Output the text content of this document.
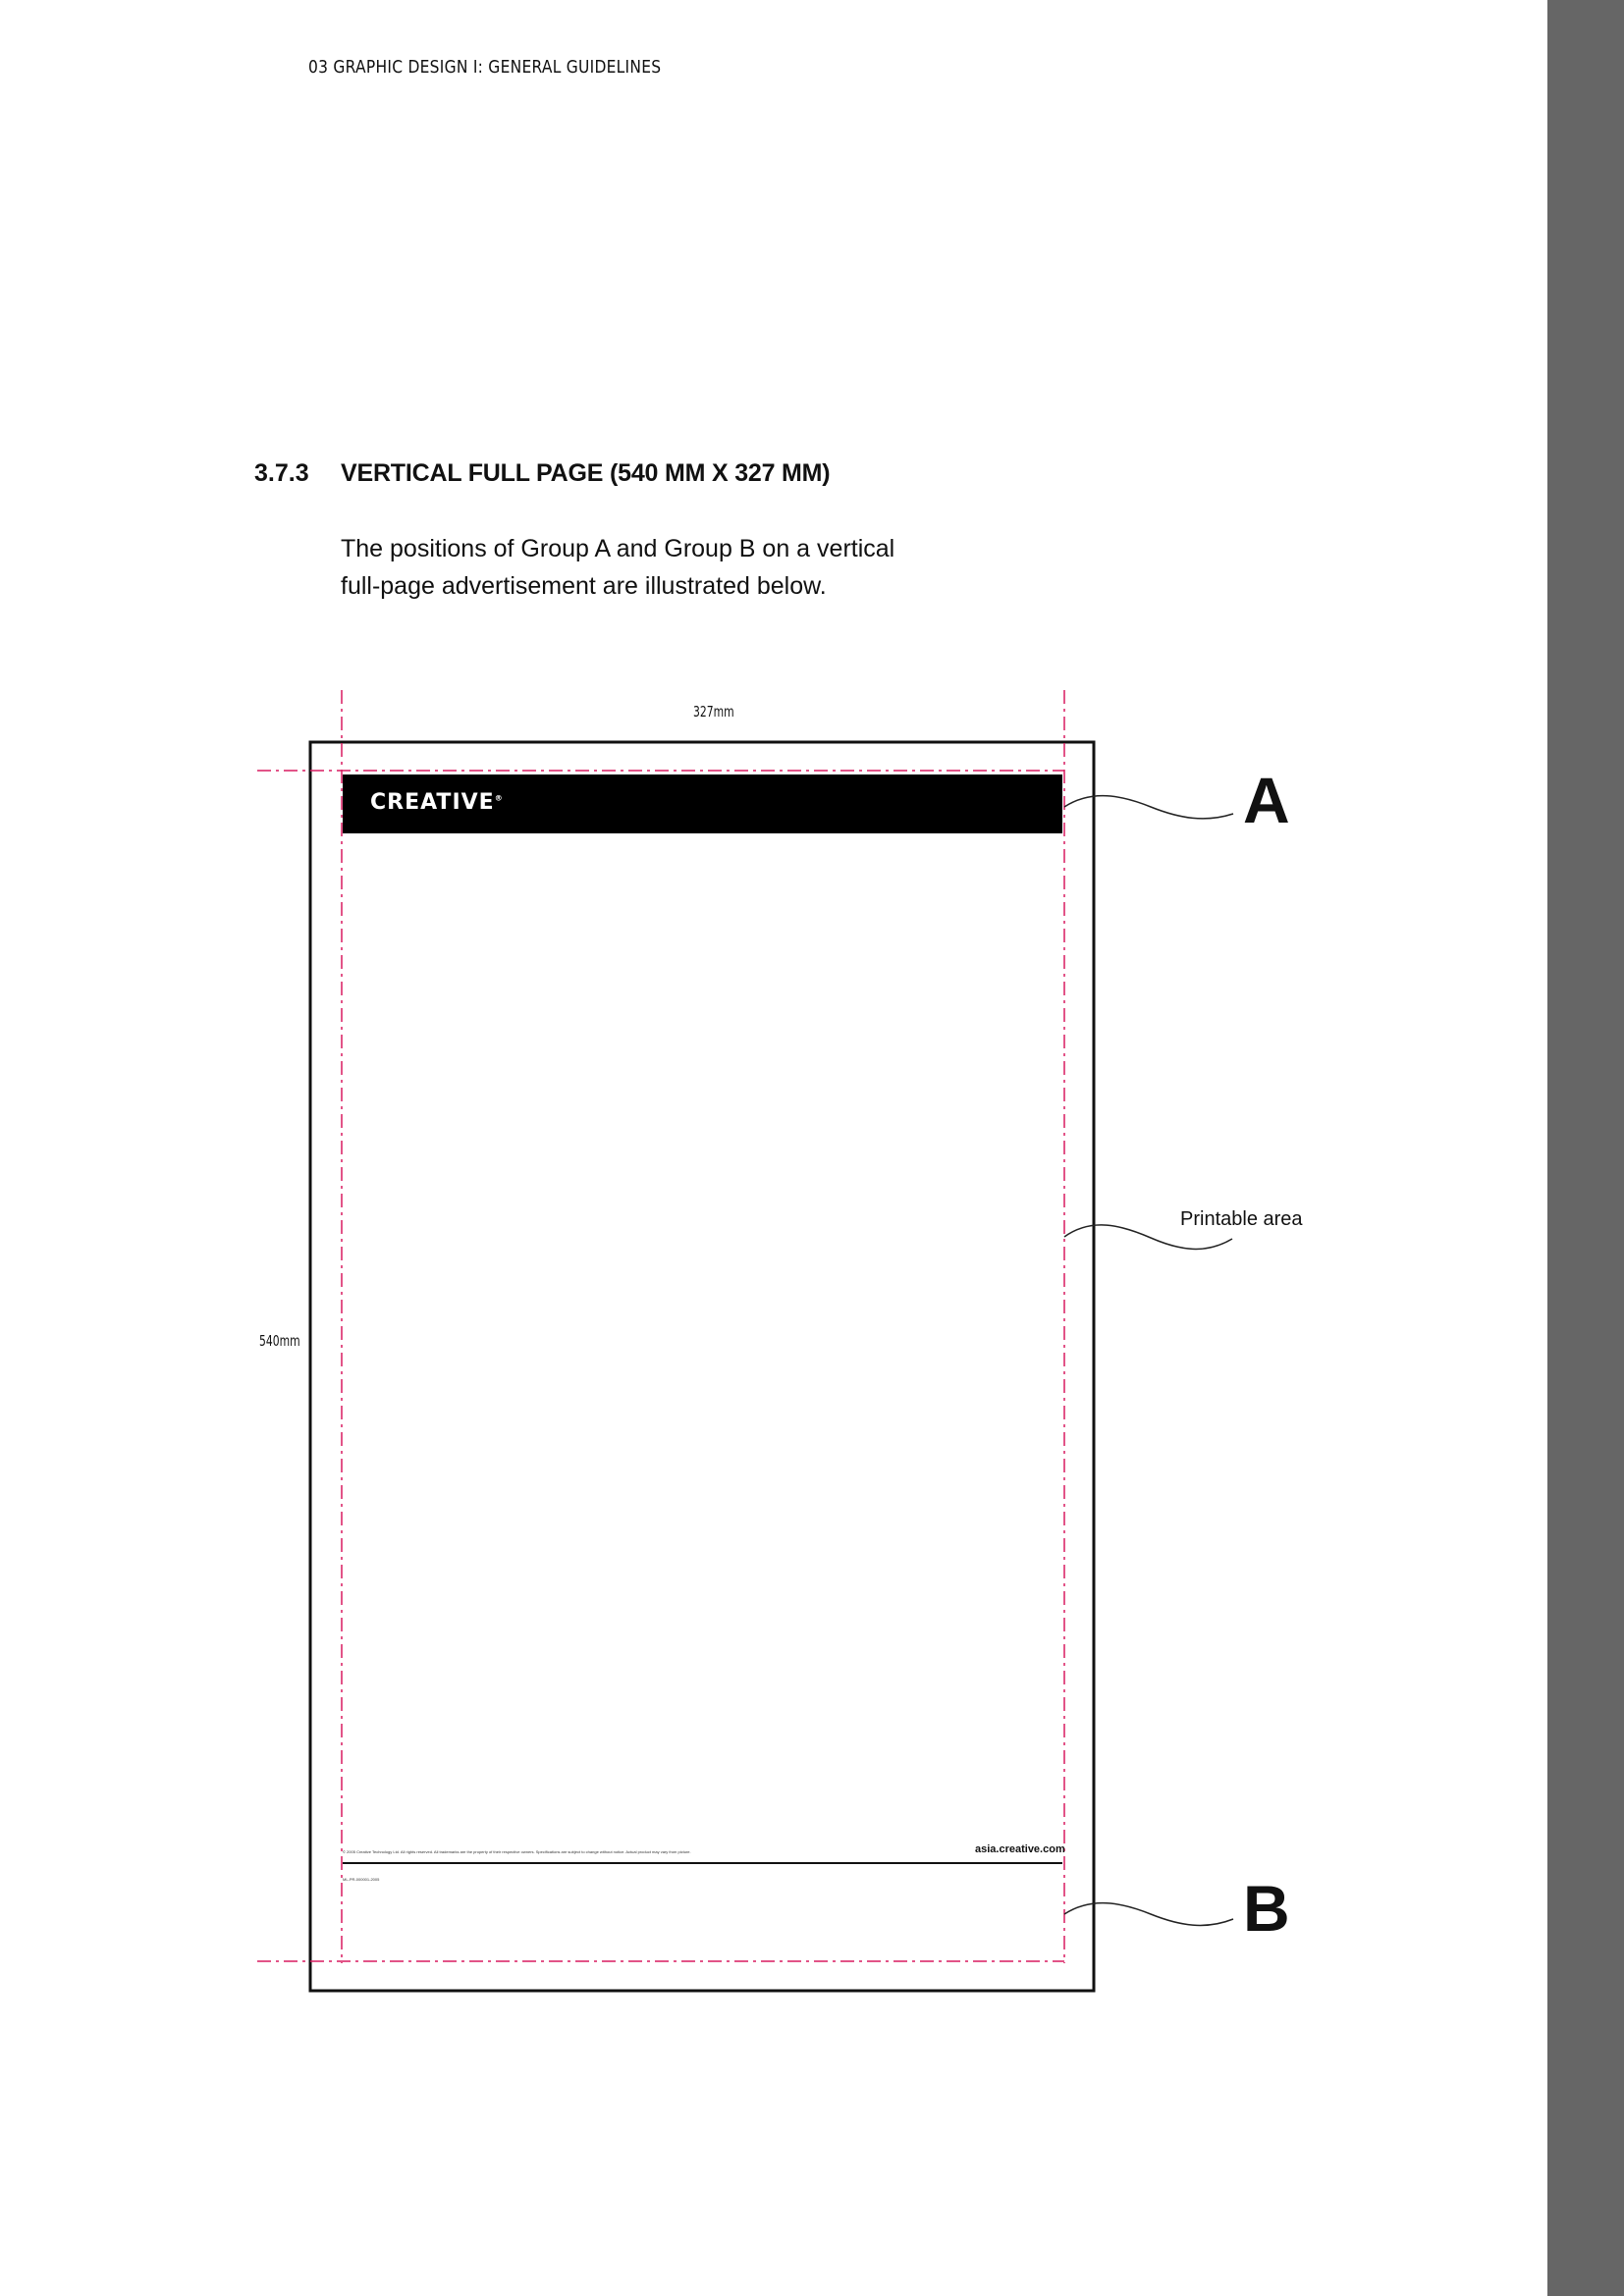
03 GRAPHIC DESIGN I: GENERAL GUIDELINES
3.7.3 VERTICAL FULL PAGE (540 MM X 327 MM)
The positions of Group A and Group B on a vertical
full-page advertisement are illustrated below.
327mm
540mm
CREATIVE®
© 2005 Creative Technology Ltd. All rights reserved. All trademarks are the property of their respective owners. Specifications are subject to change without notice. Actual product may vary from picture.	asia.creative.com
ML-PR-000001-2005
A
Printable area
B
